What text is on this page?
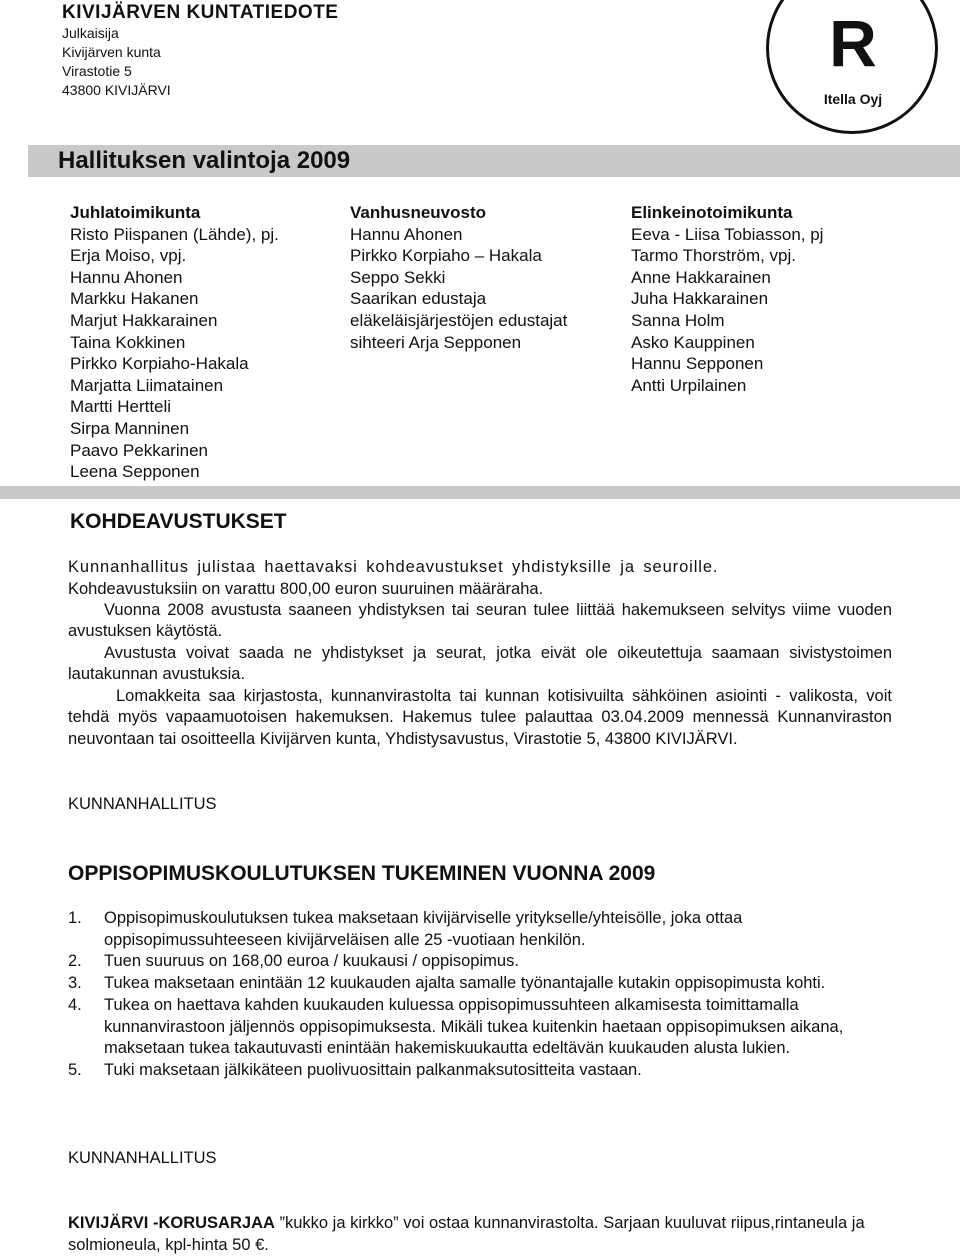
KIVIJÄRVEN KUNTATIEDOTE
Julkaisija
Kivijärven kunta
Virastotie 5
43800 KIVIJÄRVI
R
Itella Oyj
Hallituksen valintoja 2009
Juhlatoimikunta
Risto Piispanen (Lähde), pj.
Erja Moiso, vpj.
Hannu Ahonen
Markku Hakanen
Marjut Hakkarainen
Taina Kokkinen
Pirkko Korpiaho-Hakala
Marjatta Liimatainen
Martti Hertteli
Sirpa Manninen
Paavo Pekkarinen
Leena Sepponen
Vanhusneuvosto
Hannu Ahonen
Pirkko Korpiaho – Hakala
Seppo Sekki
Saarikan edustaja
eläkeläisjärjestöjen edustajat
sihteeri Arja Sepponen
Elinkeinotoimikunta
Eeva - Liisa Tobiasson, pj
Tarmo Thorström, vpj.
Anne Hakkarainen
Juha Hakkarainen
Sanna Holm
Asko Kauppinen
Hannu Sepponen
Antti Urpilainen
KOHDEAVUSTUKSET
Kunnanhallitus julistaa haettavaksi kohdeavustukset yhdistyksille ja seuroille.
Kohdeavustuksiin on varattu 800,00 euron suuruinen määräraha.
Vuonna 2008 avustusta saaneen yhdistyksen tai seuran tulee liittää hakemukseen selvitys viime vuoden avustuksen käytöstä.
Avustusta voivat saada ne yhdistykset ja seurat, jotka eivät ole oikeutettuja saamaan sivistystoimen lautakunnan avustuksia.
Lomakkeita saa kirjastosta, kunnanvirastolta tai kunnan kotisivuilta sähköinen asiointi - valikosta, voit tehdä myös vapaamuotoisen hakemuksen. Hakemus tulee palauttaa 03.04.2009 mennessä Kunnanviraston neuvontaan tai osoitteella Kivijärven kunta, Yhdistysavustus, Virastotie 5, 43800 KIVIJÄRVI.
KUNNANHALLITUS
OPPISOPIMUSKOULUTUKSEN TUKEMINEN VUONNA 2009
1.	Oppisopimuskoulutuksen tukea maksetaan kivijärviselle yritykselle/yhteisölle, joka ottaa oppisopimussuhteeseen kivijärveläisen alle 25 -vuotiaan henkilön.
2.	Tuen suuruus on 168,00 euroa / kuukausi / oppisopimus.
3.	Tukea maksetaan enintään 12 kuukauden ajalta samalle työnantajalle kutakin oppisopimusta kohti.
4.	Tukea on haettava kahden kuukauden kuluessa oppisopimussuhteen alkamisesta toimittamalla kunnanvirastoon jäljennös oppisopimuksesta. Mikäli tukea kuitenkin haetaan oppisopimuksen aikana, maksetaan tukea takautuvasti enintään hakemiskuukautta edeltävän kuukauden alusta lukien.
5.	Tuki maksetaan jälkikäteen puolivuosittain palkanmaksutositteita vastaan.
KUNNANHALLITUS
KIVIJÄRVI -KORUSARJAA ”kukko ja kirkko” voi ostaa kunnanvirastolta. Sarjaan kuuluvat riipus,rintaneula ja solmioneula, kpl-hinta 50 €.
